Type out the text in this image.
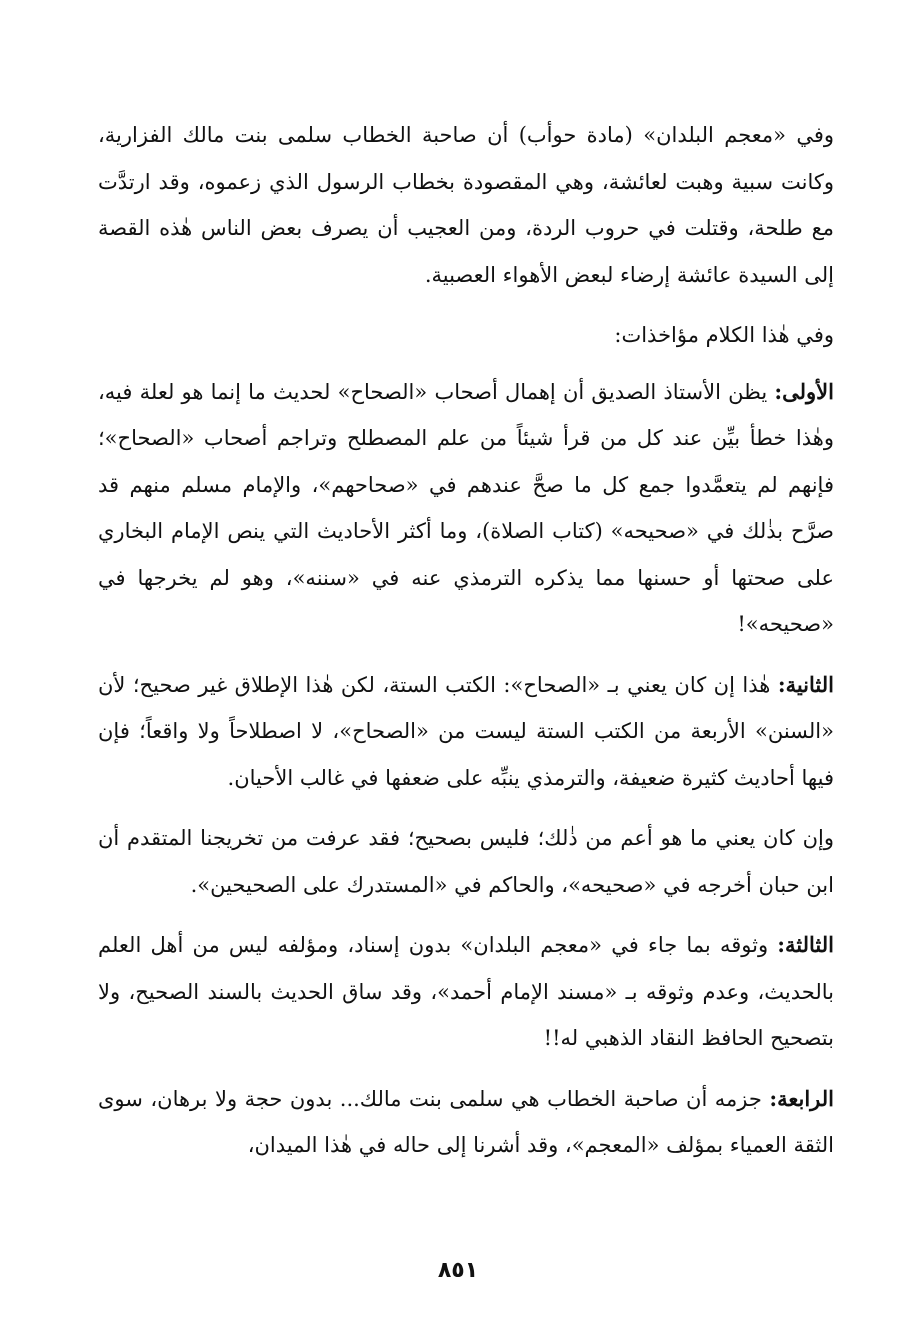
وفي «معجم البلدان» (مادة حوأب) أن صاحبة الخطاب سلمى بنت مالك الفزارية، وكانت سبية وهبت لعائشة، وهي المقصودة بخطاب الرسول الذي زعموه، وقد ارتدَّت مع طلحة، وقتلت في حروب الردة، ومن العجيب أن يصرف بعض الناس هٰذه القصة إلى السيدة عائشة إرضاء لبعض الأهواء العصبية.

وفي هٰذا الكلام مؤاخذات:

الأولى: يظن الأستاذ الصديق أن إهمال أصحاب «الصحاح» لحديث ما إنما هو لعلة فيه، وهٰذا خطأ بيِّن عند كل من قرأ شيئاً من علم المصطلح وتراجم أصحاب «الصحاح»؛ فإنهم لم يتعمَّدوا جمع كل ما صحَّ عندهم في «صحاحهم»، والإمام مسلم منهم قد صرَّح بذٰلك في «صحيحه» (كتاب الصلاة)، وما أكثر الأحاديث التي ينص الإمام البخاري على صحتها أو حسنها مما يذكره الترمذي عنه في «سننه»، وهو لم يخرجها في «صحيحه»!

الثانية: هٰذا إن كان يعني بـ «الصحاح»: الكتب الستة، لكن هٰذا الإطلاق غير صحيح؛ لأن «السنن» الأربعة من الكتب الستة ليست من «الصحاح»، لا اصطلاحاً ولا واقعاً؛ فإن فيها أحاديث كثيرة ضعيفة، والترمذي ينبِّه على ضعفها في غالب الأحيان.

وإن كان يعني ما هو أعم من ذٰلك؛ فليس بصحيح؛ فقد عرفت من تخريجنا المتقدم أن ابن حبان أخرجه في «صحيحه»، والحاكم في «المستدرك على الصحيحين».

الثالثة: وثوقه بما جاء في «معجم البلدان» بدون إسناد، ومؤلفه ليس من أهل العلم بالحديث، وعدم وثوقه بـ «مسند الإمام أحمد»، وقد ساق الحديث بالسند الصحيح، ولا بتصحيح الحافظ النقاد الذهبي له!!

الرابعة: جزمه أن صاحبة الخطاب هي سلمى بنت مالك... بدون حجة ولا برهان، سوى الثقة العمياء بمؤلف «المعجم»، وقد أشرنا إلى حاله في هٰذا الميدان،

٨٥١
